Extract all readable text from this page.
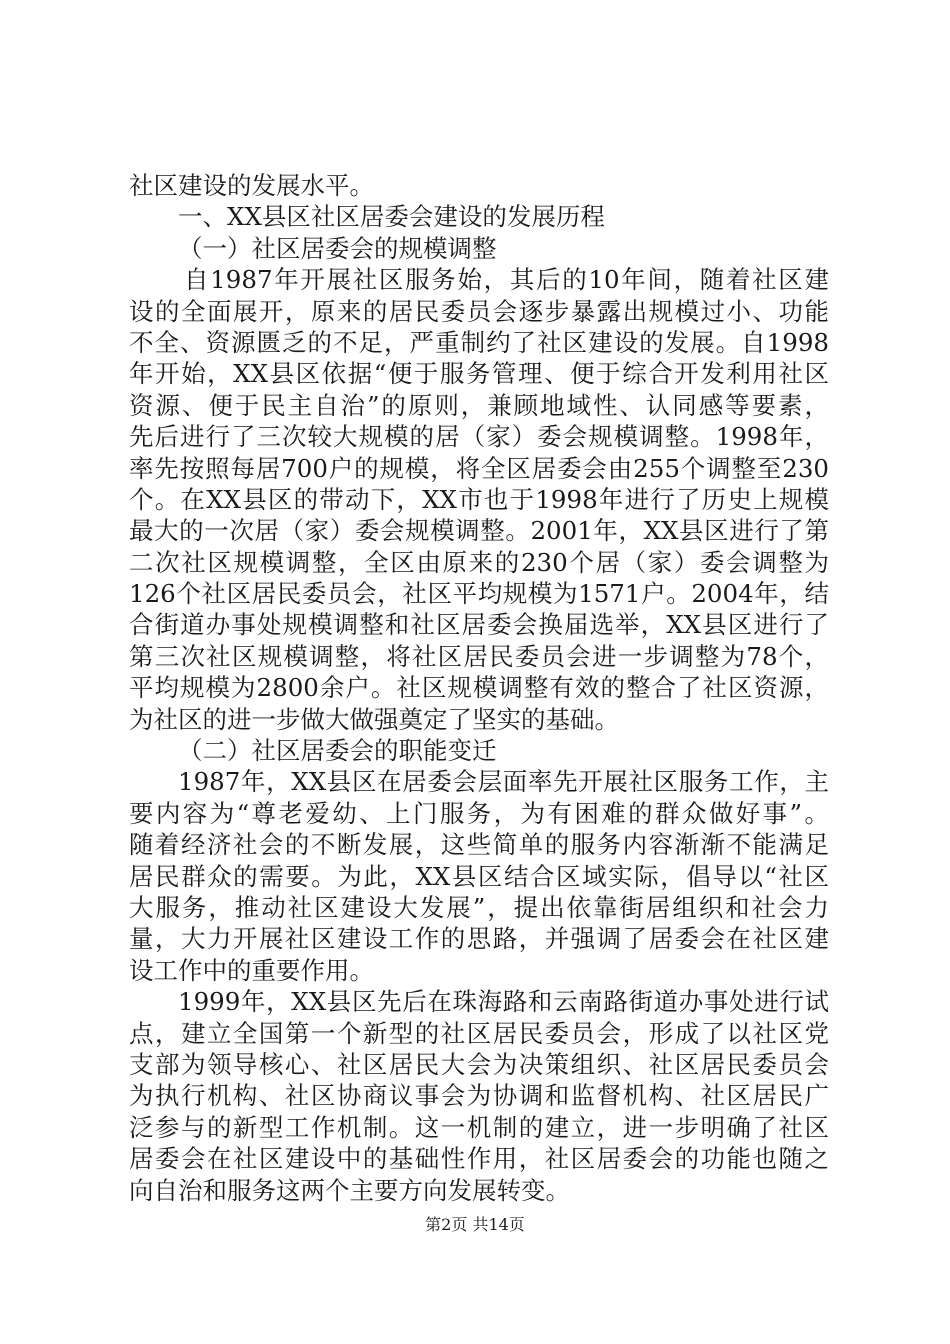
社区建设的发展水平。
一、XX县区社区居委会建设的发展历程
（一）社区居委会的规模调整
自1987年开展社区服务始，其后的10年间，随着社区建
设的全面展开，原来的居民委员会逐步暴露出规模过小、功能
不全、资源匮乏的不足，严重制约了社区建设的发展。自1998
年开始，XX县区依据“便于服务管理、便于综合开发利用社区
资源、便于民主自治”的原则，兼顾地域性、认同感等要素，
先后进行了三次较大规模的居（家）委会规模调整。1998年，
率先按照每居700户的规模，将全区居委会由255个调整至230
个。在XX县区的带动下，XX市也于1998年进行了历史上规模
最大的一次居（家）委会规模调整。2001年，XX县区进行了第
二次社区规模调整，全区由原来的230个居（家）委会调整为
126个社区居民委员会，社区平均规模为1571户。2004年，结
合街道办事处规模调整和社区居委会换届选举，XX县区进行了
第三次社区规模调整，将社区居民委员会进一步调整为78个，
平均规模为2800余户。社区规模调整有效的整合了社区资源，
为社区的进一步做大做强奠定了坚实的基础。
（二）社区居委会的职能变迁
1987年，XX县区在居委会层面率先开展社区服务工作，主
要内容为“尊老爱幼、上门服务，为有困难的群众做好事”。
随着经济社会的不断发展，这些简单的服务内容渐渐不能满足
居民群众的需要。为此，XX县区结合区域实际，倡导以“社区
大服务，推动社区建设大发展”，提出依靠街居组织和社会力
量，大力开展社区建设工作的思路，并强调了居委会在社区建
设工作中的重要作用。
1999年，XX县区先后在珠海路和云南路街道办事处进行试
点，建立全国第一个新型的社区居民委员会，形成了以社区党
支部为领导核心、社区居民大会为决策组织、社区居民委员会
为执行机构、社区协商议事会为协调和监督机构、社区居民广
泛参与的新型工作机制。这一机制的建立，进一步明确了社区
居委会在社区建设中的基础性作用，社区居委会的功能也随之
向自治和服务这两个主要方向发展转变。
第2页 共14页
